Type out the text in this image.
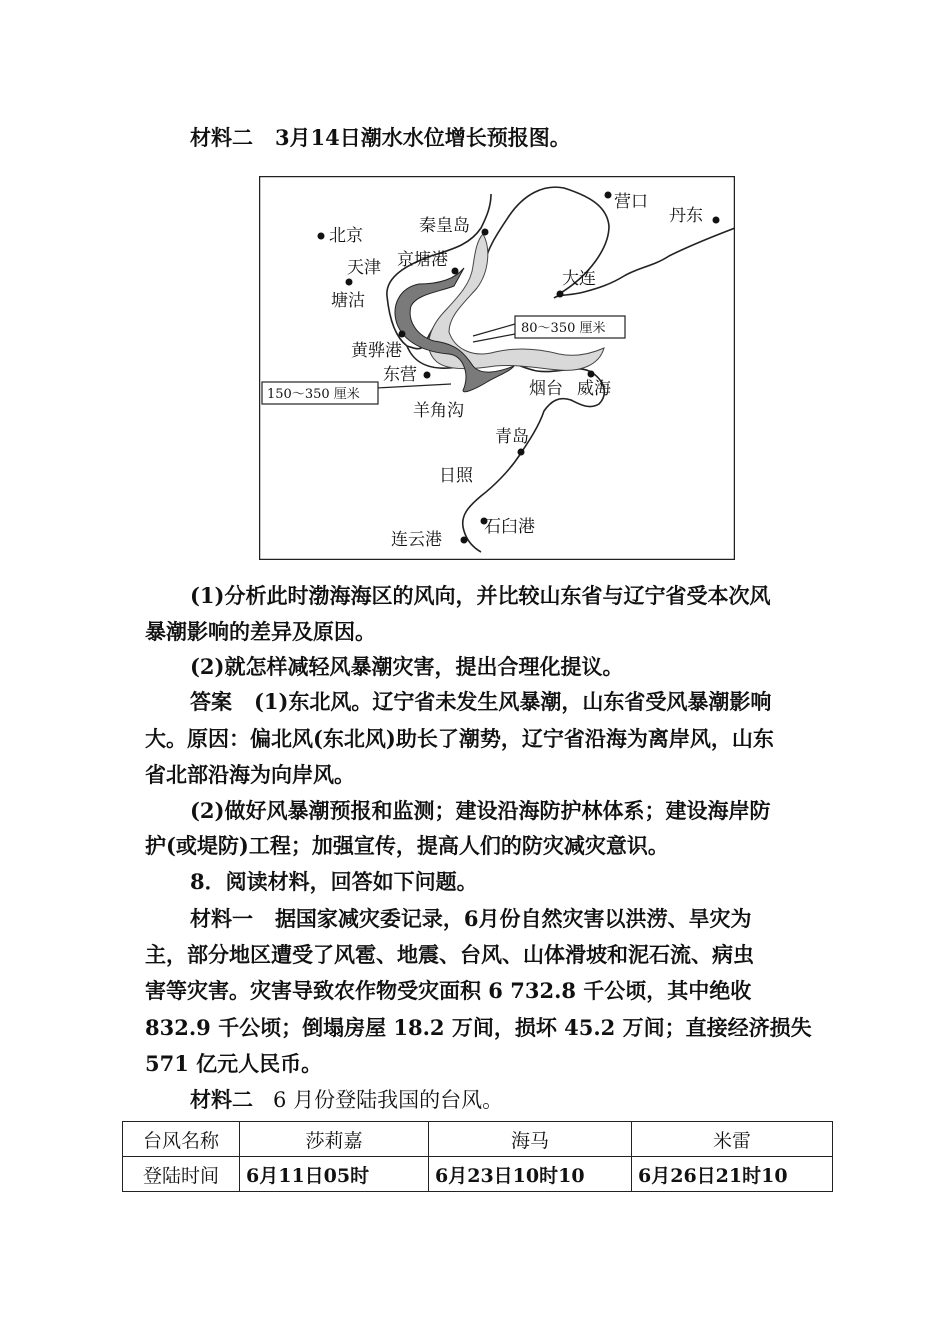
材料二 3月14日潮水水位增长预报图。
营口
丹东
北京	秦皇岛
天津 京塘港
大连
塘沽
黄骅港
东营
烟台 威海
羊角沟
青岛
日照
石臼港
连云港
80～350 厘米
150～350 厘米
(1)分析此时渤海海区的风向，并比较山东省与辽宁省受本次风
暴潮影响的差异及原因。
(2)就怎样减轻风暴潮灾害，提出合理化提议。
答案 (1)东北风。辽宁省未发生风暴潮，山东省受风暴潮影响
大。原因：偏北风(东北风)助长了潮势，辽宁省沿海为离岸风，山东
省北部沿海为向岸风。
(2)做好风暴潮预报和监测；建设沿海防护林体系；建设海岸防
护(或堤防)工程；加强宣传，提高人们的防灾减灾意识。
8．阅读材料，回答如下问题。
材料一 据国家减灾委记录，6月份自然灾害以洪涝、旱灾为
主，部分地区遭受了风雹、地震、台风、山体滑坡和泥石流、病虫
害等灾害。灾害导致农作物受灾面积 6 732.8 千公顷，其中绝收
832.9 千公顷；倒塌房屋 18.2 万间，损坏 45.2 万间；直接经济损失
571 亿元人民币。
材料二 6 月份登陆我国的台风。
台风名称	莎莉嘉	海马	米雷
登陆时间	6月11日05时	6月23日10时10	6月26日21时10
